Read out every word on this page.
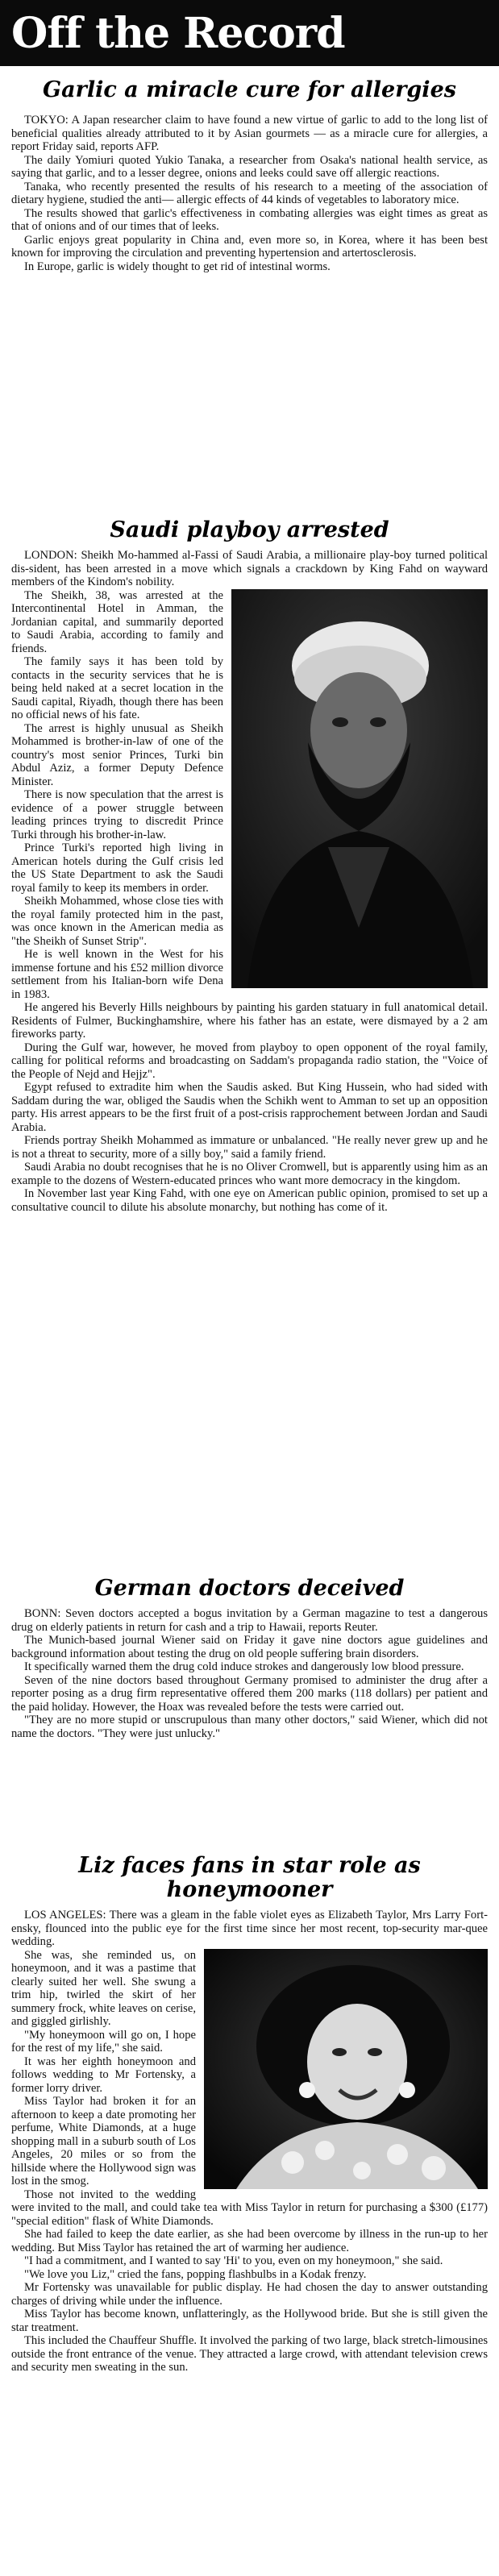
Off the Record
Garlic a miracle cure for allergies

TOKYO: A Japan researcher claim to have found a new virtue of garlic to add to the long list of beneficial qualities already attributed to it by Asian gourmets — as a miracle cure for allergies, a report Friday said, reports AFP.

The daily Yomiuri quoted Yukio Tanaka, a researcher from Osaka's national health service, as saying that garlic, and to a lesser degree, onions and leeks could save off allergic reactions.

Tanaka, who recently presented the results of his research to a meeting of the association of dietary hygiene, studied the anti— allergic effects of 44 kinds of vegetables to laboratory mice.

The results showed that garlic's effectiveness in combating allergies was eight times as great as that of onions and of our times that of leeks.

Garlic enjoys great popularity in China and, even more so, in Korea, where it has been best known for improving the circulation and preventing hypertension and artertosclerosis.

In Europe, garlic is widely thought to get rid of intestinal worms.

Saudi playboy arrested

LONDON: Sheikh Mo-hammed al-Fassi of Saudi Arabia, a millionaire play-boy turned political dis-sident, has been arrested in a move which signals a crackdown by King Fahd on wayward members of the Kindom's nobility.

The Sheikh, 38, was arrested at the Intercontinental Hotel in Amman, the Jordanian capital, and summarily deported to Saudi Arabia, according to family and friends.

The family says it has been told by contacts in the security services that he is being held naked at a secret location in the Saudi capital, Riyadh, though there has been no official news of his fate.

The arrest is highly unusual as Sheikh Mohammed is brother-in-law of one of the country's most senior Princes, Turki bin Abdul Aziz, a former Deputy Defence Minister.

There is now speculation that the arrest is evidence of a power struggle between leading princes trying to discredit Prince Turki through his brother-in-law.

Prince Turki's reported high living in American hotels during the Gulf crisis led the US State Department to ask the Saudi royal family to keep its members in order.

Sheikh Mohammed, whose close ties with the royal family protected him in the past, was once known in the American media as "the Sheikh of Sunset Strip".

He is well known in the West for his immense fortune and his £52 million divorce settlement from his Italian-born wife Dena in 1983.

He angered his Beverly Hills neighbours by painting his garden statuary in full anatomical detail. Residents of Fulmer, Buckinghamshire, where his father has an estate, were dismayed by a 2 am fireworks party.

During the Gulf war, however, he moved from playboy to open opponent of the royal family, calling for political reforms and broadcasting on Saddam's propaganda radio station, the "Voice of the People of Nejd and Hejjz".

Egypt refused to extradite him when the Saudis asked. But King Hussein, who had sided with Saddam during the war, obliged the Saudis when the Schikh went to Amman to set up an opposition party. His arrest appears to be the first fruit of a post-crisis rapprochement between Jordan and Saudi Arabia.

Friends portray Sheikh Mohammed as immature or unbalanced. "He really never grew up and he is not a threat to security, more of a silly boy," said a family friend.

Saudi Arabia no doubt recognises that he is no Oliver Cromwell, but is apparently using him as an example to the dozens of Western-educated princes who want more democracy in the kingdom.

In November last year King Fahd, with one eye on American public opinion, promised to set up a consultative council to dilute his absolute monarchy, but nothing has come of it.

German doctors deceived

BONN: Seven doctors accepted a bogus invitation by a German magazine to test a dangerous drug on elderly patients in return for cash and a trip to Hawaii, reports Reuter.

The Munich-based journal Wiener said on Friday it gave nine doctors ague guidelines and background information about testing the drug on old people suffering brain disorders.

It specifically warned them the drug cold induce strokes and dangerously low blood pressure.

Seven of the nine doctors based throughout Germany promised to administer the drug after a reporter posing as a drug firm representative offered them 200 marks (118 dollars) per patient and the paid holiday. However, the Hoax was revealed before the tests were carried out.

"They are no more stupid or unscrupulous than many other doctors," said Wiener, which did not name the doctors. "They were just unlucky."

Liz faces fans in star role as honeymooner

LOS ANGELES: There was a gleam in the fable violet eyes as Elizabeth Taylor, Mrs Larry Fort-ensky, flounced into the public eye for the first time since her most recent, top-security mar-quee wedding.

She was, she reminded us, on honeymoon, and it was a pastime that clearly suited her well. She swung a trim hip, twirled the skirt of her summery frock, white leaves on cerise, and giggled girlishly.

"My honeymoon will go on, I hope for the rest of my life," she said.

It was her eighth honeymoon and follows wedding to Mr Fortensky, a former lorry driver.

Miss Taylor had broken it for an afternoon to keep a date promoting her perfume, White Diamonds, at a huge shopping mall in a suburb south of Los Angeles, 20 miles or so from the hillside where the Hollywood sign was lost in the smog.

Those not invited to the wedding were invited to the mall, and could take tea with Miss Taylor in return for purchasing a $300 (£177) "special edition" flask of White Diamonds.

She had failed to keep the date earlier, as she had been overcome by illness in the run-up to her wedding. But Miss Taylor has retained the art of warming her audience.

"I had a commitment, and I wanted to say 'Hi' to you, even on my honeymoon," she said.

"We love you Liz," cried the fans, popping flashbulbs in a Kodak frenzy.

Mr Fortensky was unavailable for public display. He had chosen the day to answer outstanding charges of driving while under the influence.

Miss Taylor has become known, unflatteringly, as the Hollywood bride. But she is still given the star treatment.

This included the Chauffeur Shuffle. It involved the parking of two large, black stretch-limousines outside the front entrance of the venue. They attracted a large crowd, with attendant television crews and security men sweating in the sun.
